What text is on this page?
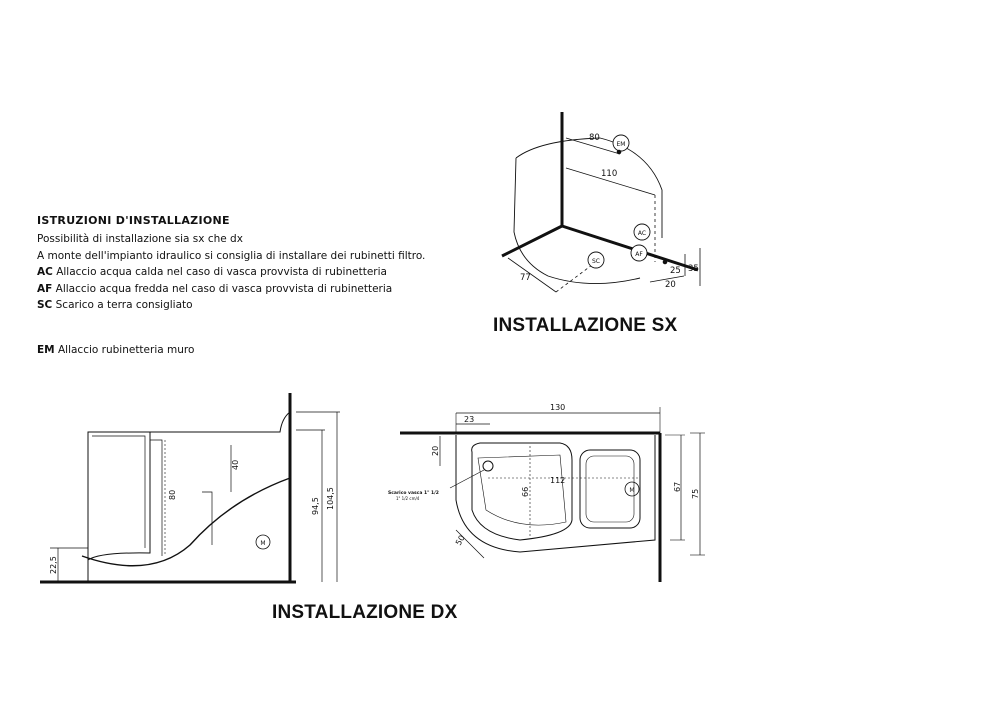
ISTRUZIONI D'INSTALLAZIONE
Possibilità di installazione sia sx che dx
A monte dell'impianto idraulico si consiglia di installare dei rubinetti filtro.
AC Allaccio acqua calda nel caso di vasca provvista di rubinetteria
AF Allaccio acqua fredda nel caso di vasca provvista di rubinetteria
SC Scarico a terra consigliato
EM Allaccio rubinetteria muro
INSTALLAZIONE SX
INSTALLAZIONE DX
80
110
77
25 35
20
EM
AC
AF
SC
40
80
94,5 104,5
22,5
M
130
23
20
66
112
50
67
75
Scarico vasca 1" 1/2
1" 1/2 cm/4
M
